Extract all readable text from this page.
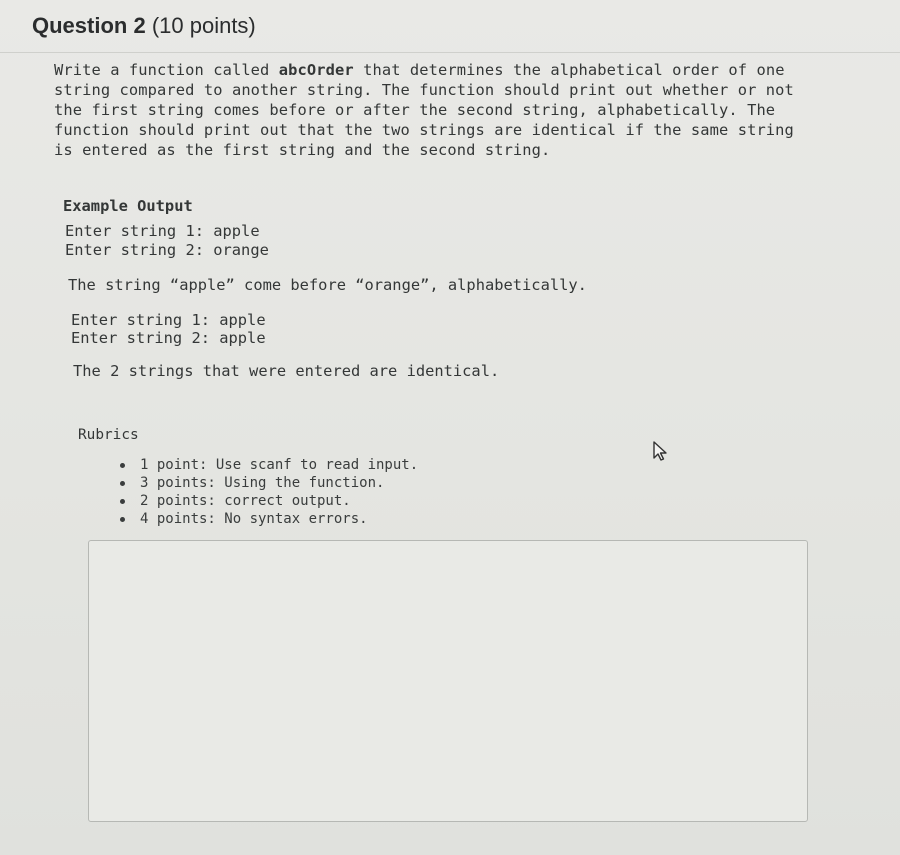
Question 2 (10 points)
Write a function called abcOrder that determines the alphabetical order of one
string compared to another string. The function should print out whether or not
the first string comes before or after the second string, alphabetically. The
function should print out that the two strings are identical if the same string
is entered as the first string and the second string.
Example Output
Enter string 1: apple
Enter string 2: orange
The string “apple” come before “orange”, alphabetically.
Enter string 1: apple
Enter string 2: apple
The 2 strings that were entered are identical.
Rubrics
1 point: Use scanf to read input.
3 points: Using the function.
2 points: correct output.
4 points: No syntax errors.
